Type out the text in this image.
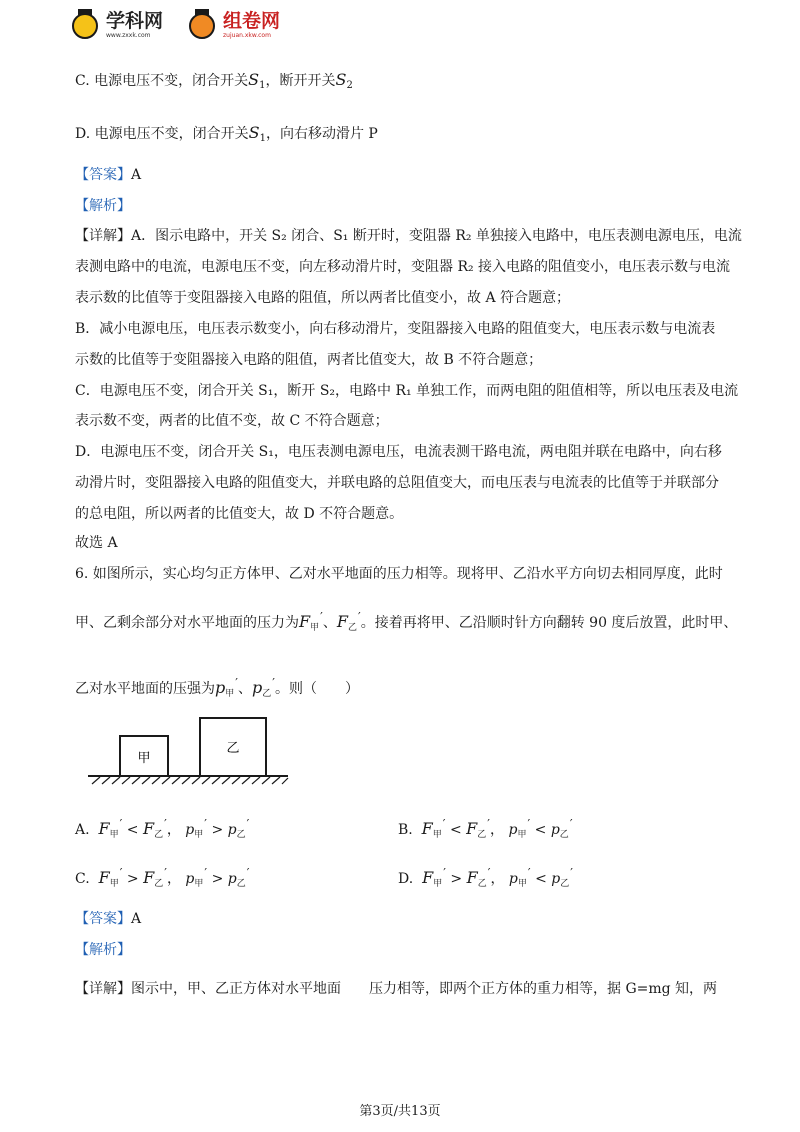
学科网
www.zxxk.com
组卷网
zujuan.xkw.com
C. 电源电压不变，闭合开关$S_1$，断开开关$S_2$
D. 电源电压不变，闭合开关$S_1$，向右移动滑片 P
【答案】A
【解析】
【详解】A．图示电路中，开关 S₂ 闭合、S₁ 断开时，变阻器 R₂ 单独接入电路中，电压表测电源电压，电流
表测电路中的电流，电源电压不变，向左移动滑片时，变阻器 R₂ 接入电路的阻值变小，电压表示数与电流
表示数的比值等于变阻器接入电路的阻值，所以两者比值变小，故 A 符合题意；
B．减小电源电压，电压表示数变小，向右移动滑片，变阻器接入电路的阻值变大，电压表示数与电流表
示数的比值等于变阻器接入电路的阻值，两者比值变大，故 B 不符合题意；
C．电源电压不变，闭合开关 S₁，断开 S₂，电路中 R₁ 单独工作，而两电阻的阻值相等，所以电压表及电流
表示数不变，两者的比值不变，故 C 不符合题意；
D．电源电压不变，闭合开关 S₁，电压表测电源电压，电流表测干路电流，两电阻并联在电路中，向右移
动滑片时，变阻器接入电路的阻值变大，并联电路的总阻值变大，而电压表与电流表的比值等于并联部分
的总电阻，所以两者的比值变大，故 D 不符合题意。
故选 A
6. 如图所示，实心均匀正方体甲、乙对水平地面的压力相等。现将甲、乙沿水平方向切去相同厚度，此时
甲、乙剩余部分对水平地面的压力为$F_甲'$、$F_乙'$。接着再将甲、乙沿顺时针方向翻转 90 度后放置，此时甲、
乙对水平地面的压强为$p_甲'$、$p_乙'$。则（　　）
甲
乙
A. $F_甲' < F_乙'$， $p_甲' > p_乙'$	B. $F_甲' < F_乙'$， $p_甲' < p_乙'$
C. $F_甲' > F_乙'$， $p_甲' > p_乙'$	D. $F_甲' > F_乙'$， $p_甲' < p_乙'$
【答案】A
【解析】
【详解】图示中，甲、乙正方体对水平地面　　压力相等，即两个正方体的重力相等，据 G=mg 知，两
第3页/共13页
